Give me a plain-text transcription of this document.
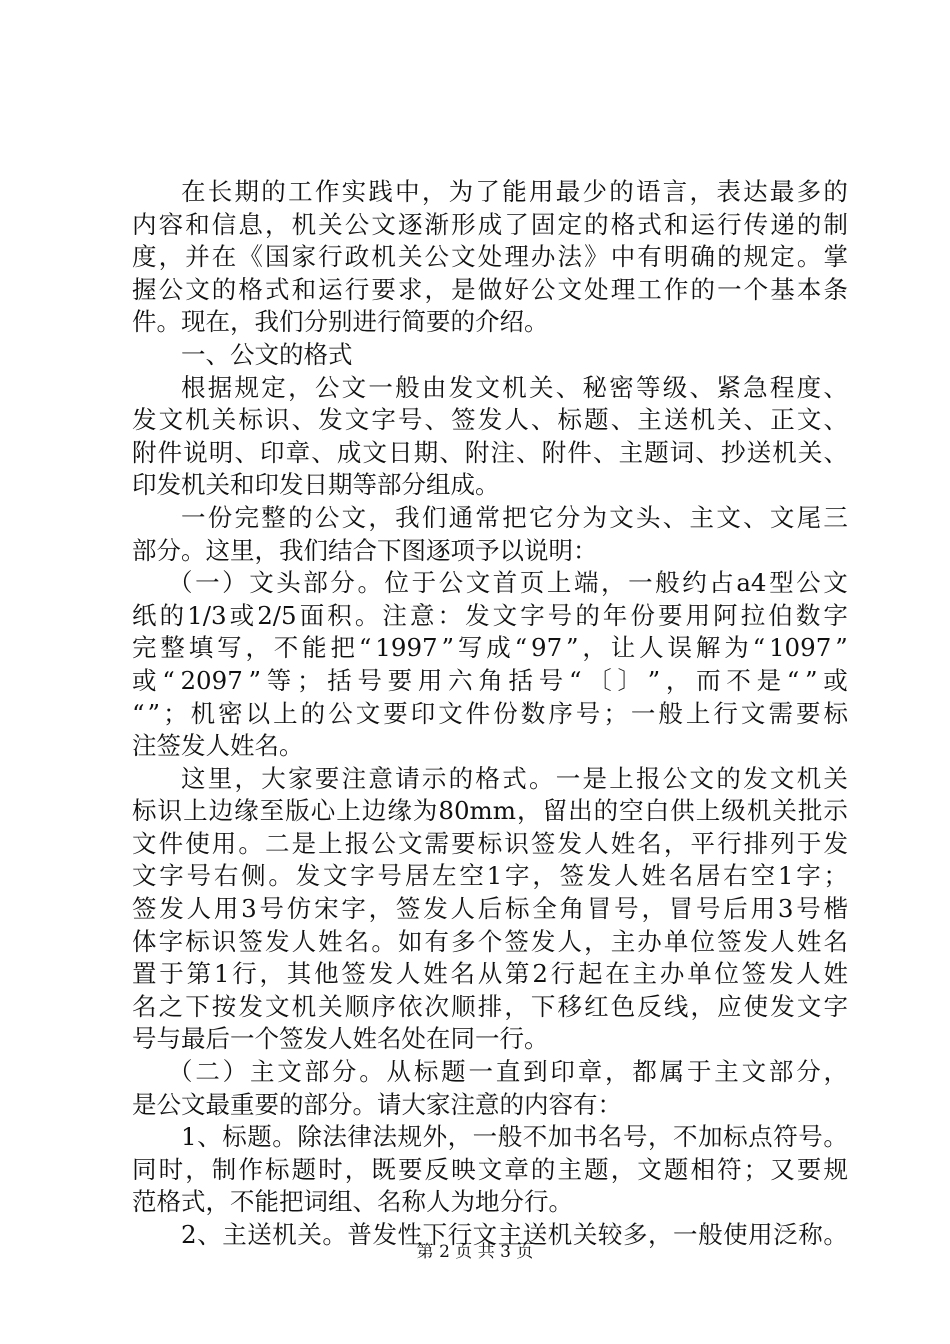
在 长 期 的 工 作 实 践 中 ， 为 了 能 用 最 少 的 语 言 ， 表 达 最 多 的
内 容 和 信 息 ， 机 关 公 文 逐 渐 形 成 了 固 定 的 格 式 和 运 行 传 递 的 制
度 ， 并 在 《 国 家 行 政 机 关 公 文 处 理 办 法 》 中 有 明 确 的 规 定 。 掌
握 公 文 的 格 式 和 运 行 要 求 ， 是 做 好 公 文 处 理 工 作 的 一 个 基 本 条
件。现在，我们分别进行简要的介绍。
一、公文的格式
根 据 规 定 ， 公 文 一 般 由 发 文 机 关 、 秘 密 等 级 、 紧 急 程 度 、
发 文 机 关 标 识 、 发 文 字 号 、 签 发 人 、 标 题 、 主 送 机 关 、 正 文 、
附 件 说 明 、 印 章 、 成 文 日 期 、 附 注 、 附 件 、 主 题 词 、 抄 送 机 关 、
印发机关和印发日期等部分组成。
一 份 完 整 的 公 文 ， 我 们 通 常 把 它 分 为 文 头 、 主 文 、 文 尾 三
部分。这里，我们结合下图逐项予以说明：
（ 一 ） 文 头 部 分 。 位 于 公 文 首 页 上 端 ， 一 般 约 占 a4 型 公 文
纸 的 1/3 或 2/5 面 积 。 注 意 ： 发 文 字 号 的 年 份 要 用 阿 拉 伯 数 字
完 整 填 写 ， 不 能 把 “ 1997 ” 写 成 “ 97 ” ， 让 人 误 解 为 “ 1097 ”
或 “ 2097 ” 等 ； 括 号 要 用 六 角 括 号 “ 〔 〕 ” ， 而 不 是 “ ” 或
“ ” ； 机 密 以 上 的 公 文 要 印 文 件 份 数 序 号 ； 一 般 上 行 文 需 要 标
注签发人姓名。
这 里 ， 大 家 要 注 意 请 示 的 格 式 。 一 是 上 报 公 文 的 发 文 机 关
标 识 上 边 缘 至 版 心 上 边 缘 为 80mm ， 留 出 的 空 白 供 上 级 机 关 批 示
文 件 使 用 。 二 是 上 报 公 文 需 要 标 识 签 发 人 姓 名 ， 平 行 排 列 于 发
文 字 号 右 侧 。 发 文 字 号 居 左 空 1 字 ， 签 发 人 姓 名 居 右 空 1 字 ；
签 发 人 用 3 号 仿 宋 字 ， 签 发 人 后 标 全 角 冒 号 ， 冒 号 后 用 3 号 楷
体 字 标 识 签 发 人 姓 名 。 如 有 多 个 签 发 人 ， 主 办 单 位 签 发 人 姓 名
置 于 第 1 行 ， 其 他 签 发 人 姓 名 从 第 2 行 起 在 主 办 单 位 签 发 人 姓
名 之 下 按 发 文 机 关 顺 序 依 次 顺 排 ， 下 移 红 色 反 线 ， 应 使 发 文 字
号与最后一个签发人姓名处在同一行。
（ 二 ） 主 文 部 分 。 从 标 题 一 直 到 印 章 ， 都 属 于 主 文 部 分 ，
是公文最重要的部分。请大家注意的内容有：
1 、 标 题 。 除 法 律 法 规 外 ， 一 般 不 加 书 名 号 ， 不 加 标 点 符 号 。
同 时 ， 制 作 标 题 时 ， 既 要 反 映 文 章 的 主 题 ， 文 题 相 符 ； 又 要 规
范格式，不能把词组、名称人为地分行。
2 、 主 送 机 关 。 普 发 性 下 行 文 主 送 机 关 较 多 ， 一 般 使 用 泛 称 。
第 2 页 共 3 页
